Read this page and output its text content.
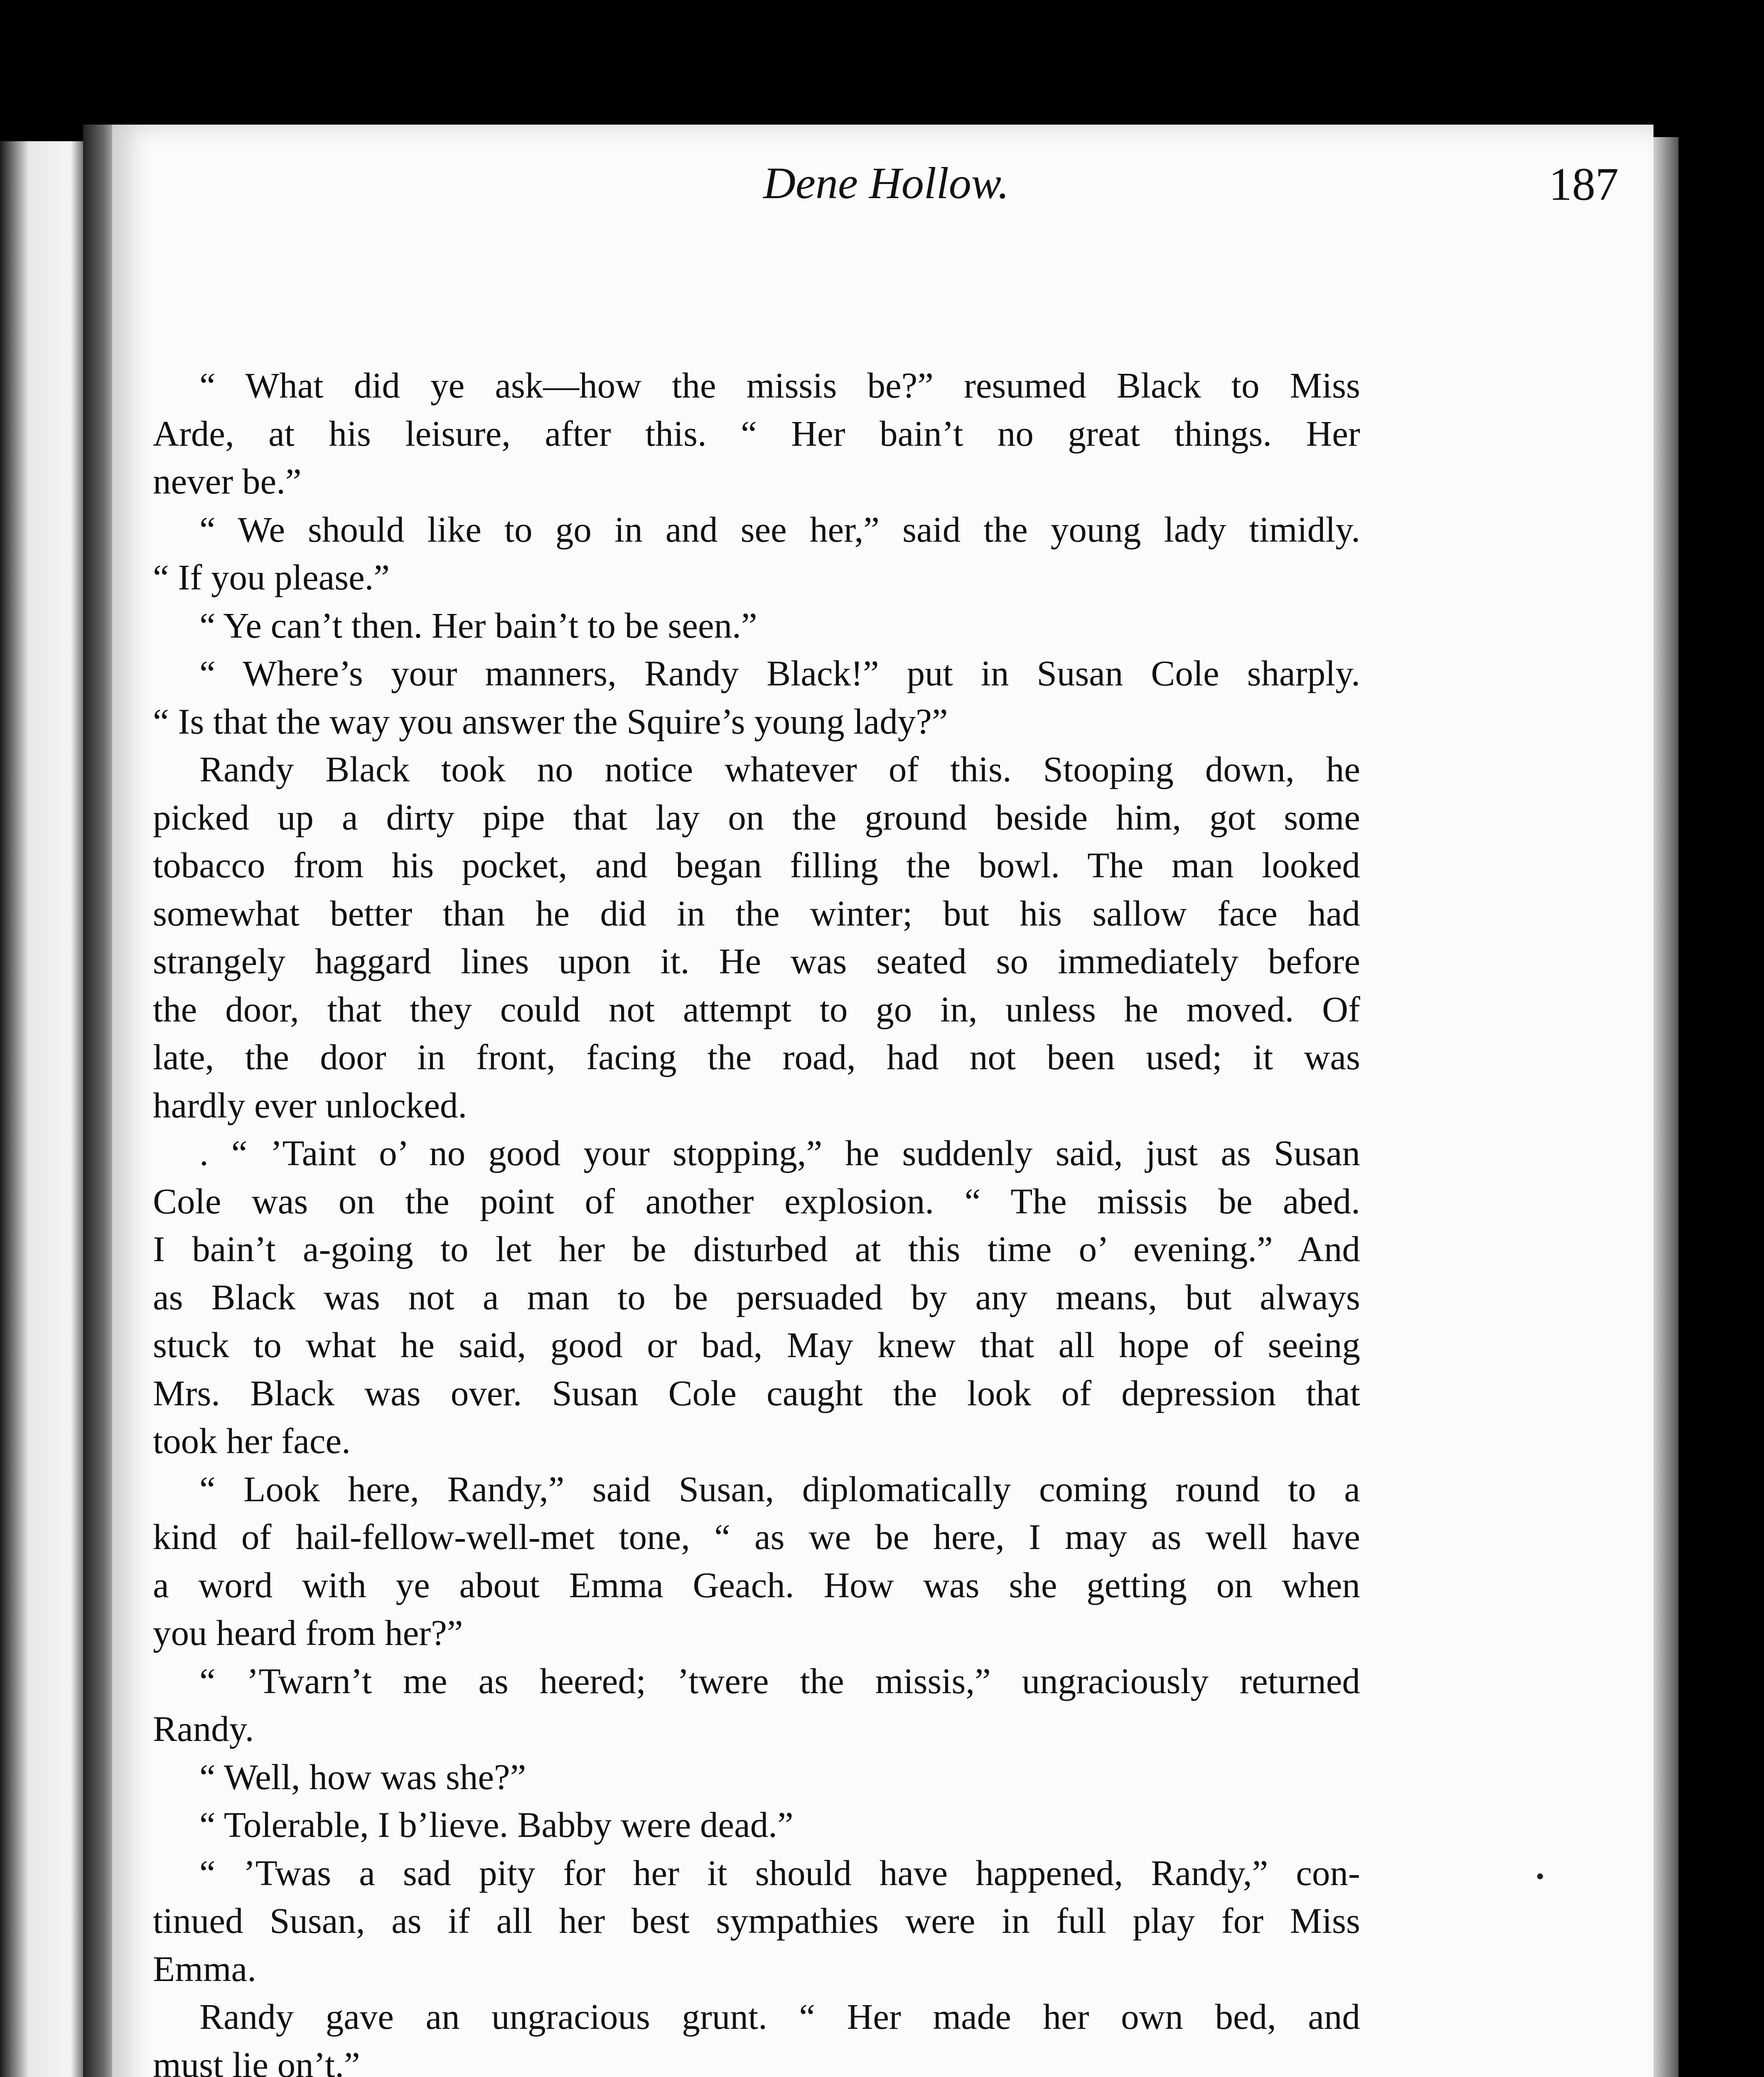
Dene Hollow.	187
“ What did ye ask—how the missis be?” resumed Black to Miss
Arde, at his leisure, after this. “ Her bain’t no great things. Her
never be.”
“ We should like to go in and see her,” said the young lady timidly.
“ If you please.”
“ Ye can’t then. Her bain’t to be seen.”
“ Where’s your manners, Randy Black!” put in Susan Cole sharply.
“ Is that the way you answer the Squire’s young lady?”
Randy Black took no notice whatever of this. Stooping down, he
picked up a dirty pipe that lay on the ground beside him, got some
tobacco from his pocket, and began filling the bowl. The man looked
somewhat better than he did in the winter; but his sallow face had
strangely haggard lines upon it. He was seated so immediately before
the door, that they could not attempt to go in, unless he moved. Of
late, the door in front, facing the road, had not been used; it was
hardly ever unlocked.
. “ ’Taint o’ no good your stopping,” he suddenly said, just as Susan
Cole was on the point of another explosion. “ The missis be abed.
I bain’t a-going to let her be disturbed at this time o’ evening.” And
as Black was not a man to be persuaded by any means, but always
stuck to what he said, good or bad, May knew that all hope of seeing
Mrs. Black was over. Susan Cole caught the look of depression that
took her face.
“ Look here, Randy,” said Susan, diplomatically coming round to a
kind of hail-fellow-well-met tone, “ as we be here, I may as well have
a word with ye about Emma Geach. How was she getting on when
you heard from her?”
“ ’Twarn’t me as heered; ’twere the missis,” ungraciously returned
Randy.
“ Well, how was she?”
“ Tolerable, I b’lieve. Babby were dead.”
“ ’Twas a sad pity for her it should have happened, Randy,” con-
tinued Susan, as if all her best sympathies were in full play for Miss
Emma.
Randy gave an ungracious grunt. “ Her made her own bed, and
must lie on’t.”
